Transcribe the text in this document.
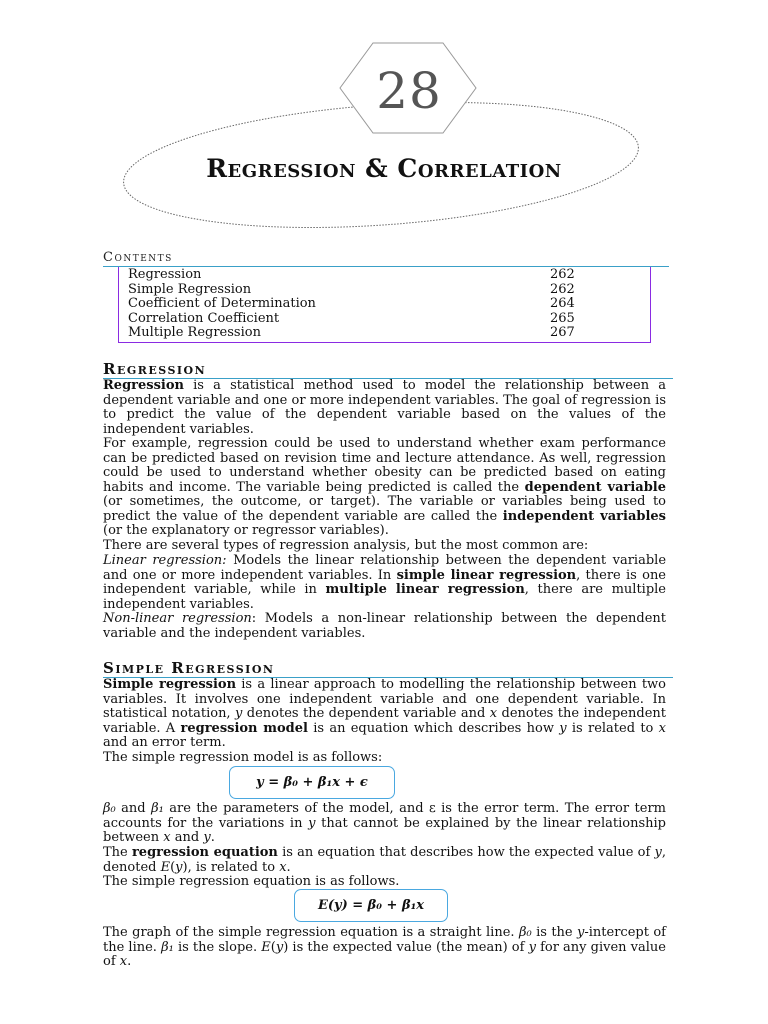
28
Regression & Correlation
Contents
Regression	262
Simple Regression	262
Coefficient of Determination	264
Correlation Coefficient	265
Multiple Regression	267
Regression

Regression is a statistical method used to model the relationship between a dependent variable and one or more independent variables. The goal of regression is to predict the value of the dependent variable based on the values of the independent variables.

For example, regression could be used to understand whether exam performance can be predicted based on revision time and lecture attendance. As well, regression could be used to understand whether obesity can be predicted based on eating habits and income. The variable being predicted is called the dependent variable (or sometimes, the outcome, or target). The variable or variables being used to predict the value of the dependent variable are called the independent variables (or the explanatory or regressor variables).

There are several types of regression analysis, but the most common are:

Linear regression: Models the linear relationship between the dependent variable and one or more independent variables. In simple linear regression, there is one independent variable, while in multiple linear regression, there are multiple independent variables.

Non-linear regression: Models a non-linear relationship between the dependent variable and the independent variables.

Simple Regression

Simple regression is a linear approach to modelling the relationship between two variables. It involves one independent variable and one dependent variable. In statistical notation, y denotes the dependent variable and x denotes the independent variable. A regression model is an equation which describes how y is related to x and an error term.

The simple regression model is as follows:

y = β₀ + β₁x + ϵ

β₀ and β₁ are the parameters of the model, and ε is the error term. The error term accounts for the variations in y that cannot be explained by the linear relationship between x and y.

The regression equation is an equation that describes how the expected value of y, denoted E(y), is related to x.

The simple regression equation is as follows.

E(y) = β₀ + β₁x

The graph of the simple regression equation is a straight line. β₀ is the y-intercept of the line. β₁ is the slope. E(y) is the expected value (the mean) of y for any given value of x.
